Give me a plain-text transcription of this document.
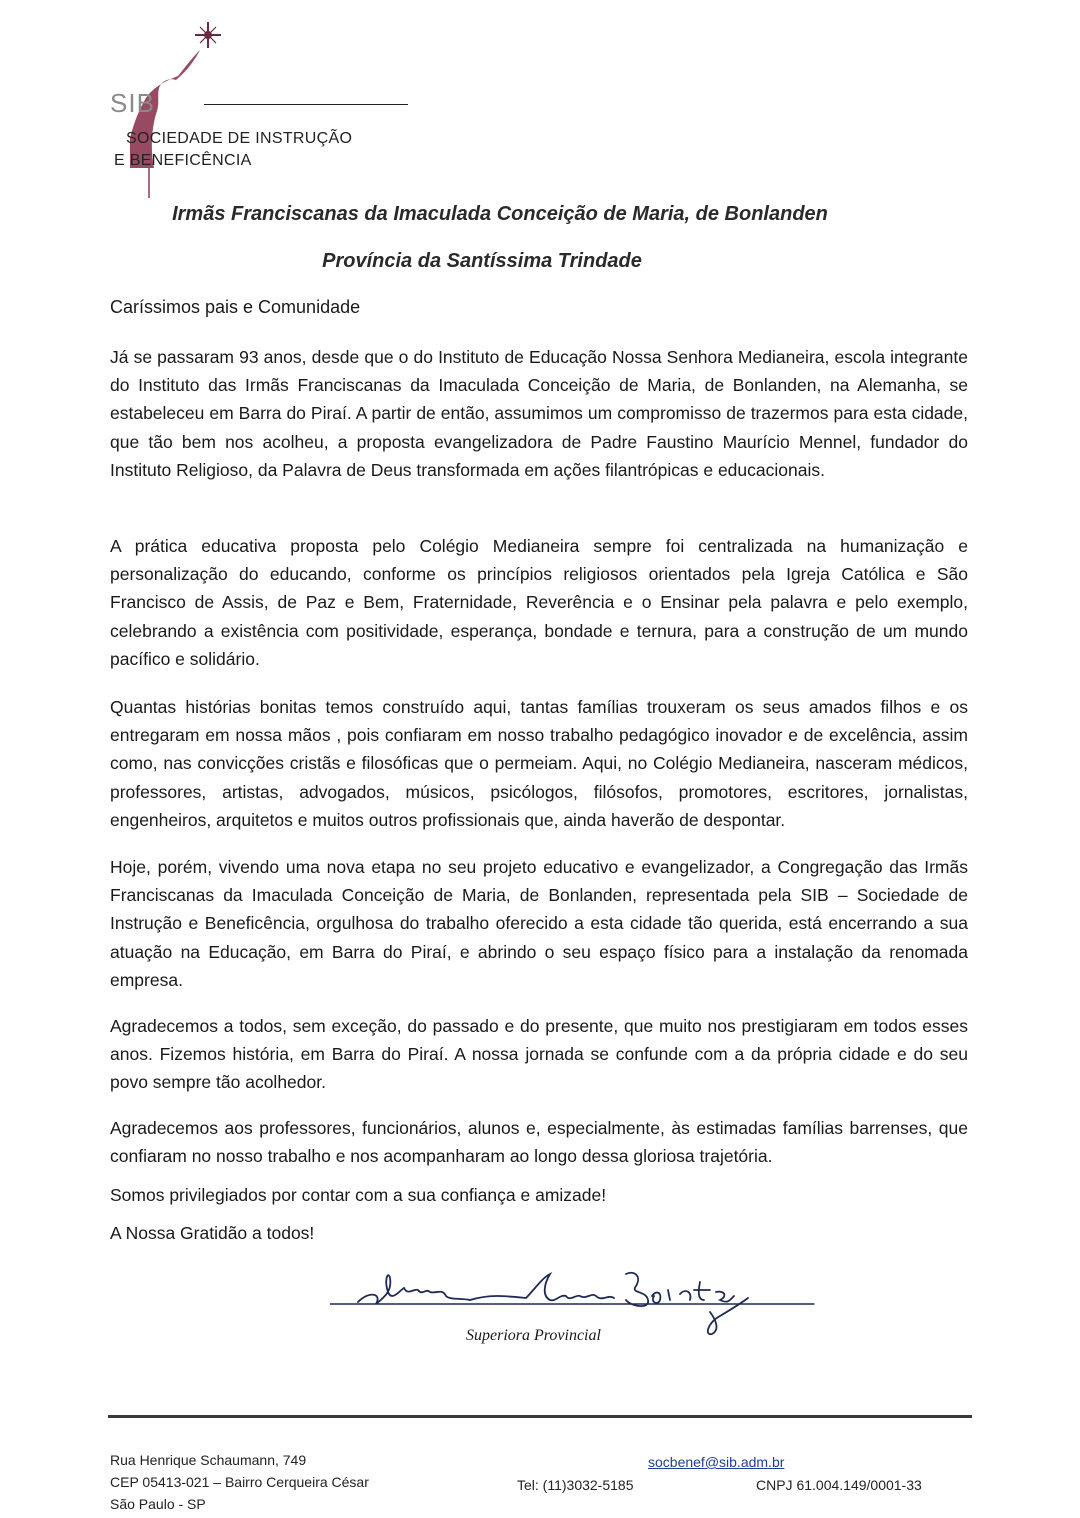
SIB
SOCIEDADE DE INSTRUÇÃO
E BENEFICÊNCIA
Irmãs Franciscanas da Imaculada Conceição de Maria, de Bonlanden
Província da Santíssima Trindade
Caríssimos pais e Comunidade
Já se passaram 93 anos, desde que o do Instituto de Educação Nossa Senhora Medianeira, escola integrante do Instituto das Irmãs Franciscanas da Imaculada Conceição de Maria, de Bonlanden, na Alemanha, se estabeleceu em Barra do Piraí. A partir de então, assumimos um compromisso de trazermos para esta cidade, que tão bem nos acolheu, a proposta evangelizadora de Padre Faustino Maurício Mennel, fundador do Instituto Religioso, da Palavra de Deus transformada em ações filantrópicas e educacionais.
A prática educativa proposta pelo Colégio Medianeira sempre foi centralizada na humanização e personalização do educando, conforme os princípios religiosos orientados pela Igreja Católica e São Francisco de Assis, de Paz e Bem, Fraternidade, Reverência e o Ensinar pela palavra e pelo exemplo, celebrando a existência com positividade, esperança, bondade e ternura, para a construção de um mundo pacífico e solidário.
Quantas histórias bonitas temos construído aqui, tantas famílias trouxeram os seus amados filhos e os entregaram em nossa mãos , pois confiaram em nosso trabalho pedagógico inovador e de excelência, assim como, nas convicções cristãs e filosóficas que o permeiam. Aqui, no Colégio Medianeira, nasceram médicos, professores, artistas, advogados, músicos, psicólogos, filósofos, promotores, escritores, jornalistas, engenheiros, arquitetos e muitos outros profissionais que, ainda haverão de despontar.
Hoje, porém, vivendo uma nova etapa no seu projeto educativo e evangelizador, a Congregação das Irmãs Franciscanas da Imaculada Conceição de Maria, de Bonlanden, representada pela SIB – Sociedade de Instrução e Beneficência, orgulhosa do trabalho oferecido a esta cidade tão querida, está encerrando a sua atuação na Educação, em Barra do Piraí, e abrindo o seu espaço físico para a instalação da renomada empresa.
Agradecemos a todos, sem exceção, do passado e do presente, que muito nos prestigiaram em todos esses anos. Fizemos história, em Barra do Piraí. A nossa jornada se confunde com a da própria cidade e do seu povo sempre tão acolhedor.
Agradecemos aos professores, funcionários, alunos e, especialmente, às estimadas famílias barrenses, que confiaram no nosso trabalho e nos acompanharam ao longo dessa gloriosa trajetória.
Somos privilegiados por contar com a sua confiança e amizade!
A Nossa Gratidão a todos!
Superiora Provincial
Rua Henrique Schaumann, 749
CEP 05413-021 – Bairro Cerqueira César
São Paulo - SP
socbenef@sib.adm.br
Tel: (11)3032-5185	CNPJ 61.004.149/0001-33
